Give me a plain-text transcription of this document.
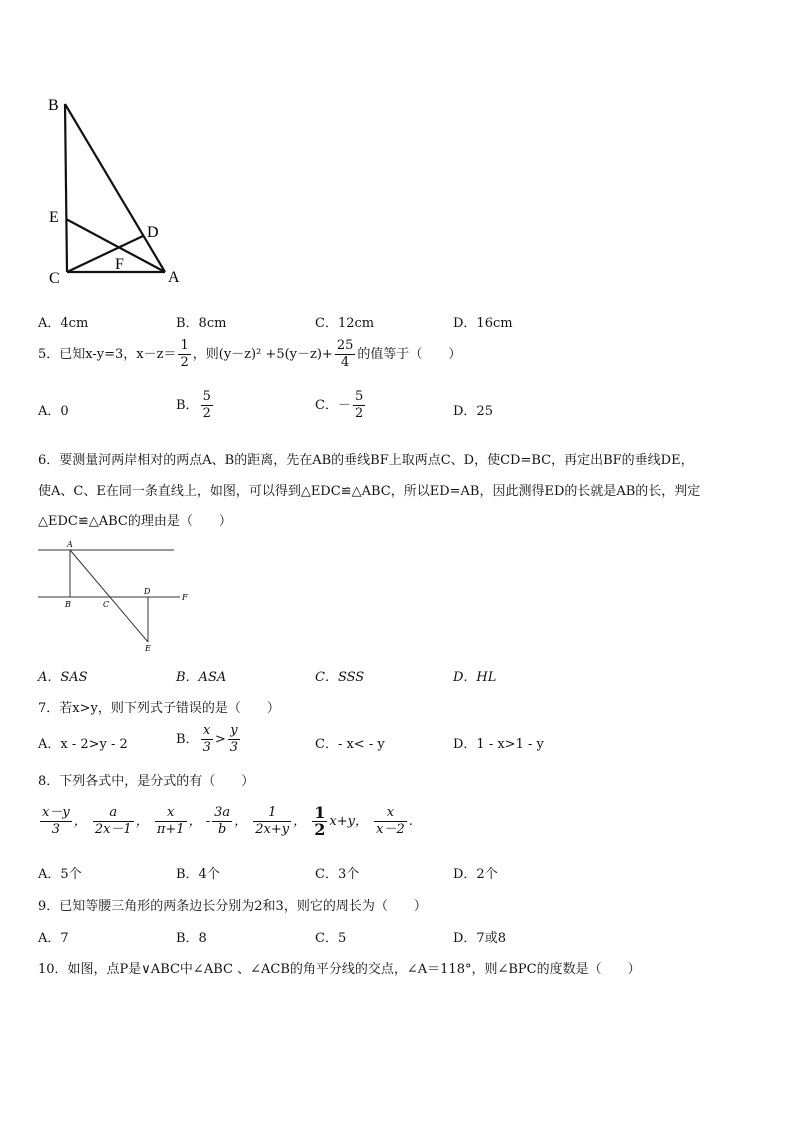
B
E
D
F
C	A
A．4cm	B．8cm	C．12cm	D．16cm
5．已知x-y=3，$x-z= \frac{1}{2}$ ，则$(y-z)^2 +5(y-z)+ \frac{25}{4}$ 的值等于（　　）
A．0	B． $\frac{5}{2}$	C．－ $\frac{5}{2}$	D．25
6．要测量河两岸相对的两点A、B的距离，先在AB的垂线BF上取两点C、D，使CD=BC，再定出BF的垂线DE，
使A、C、E在同一条直线上，如图，可以得到△EDC≌△ABC，所以ED=AB，因此测得ED的长就是AB的长，判定
△EDC≌△ABC的理由是（　　）
A
B	C
D
F
E
A．SAS	B．ASA	C．SSS	D．HL
7．若x>y，则下列式子错误的是（　　）
A．x - 2>y - 2	B． $\frac{x}{3} > \frac{y}{3}$	C．- x< - y	D．1 - x>1 - y
8．下列各式中，是分式的有（　　）
$\frac{x-y}{3}$ ， $\frac{a}{2x-1}$ ， $\frac{x}{\pi+1}$ ， - $\frac{3a}{b}$ ， $\frac{1}{2x+y}$ ， $\frac{1}{2} x+y$， $\frac{x}{x-2}$ .
A．5个	B．4个	C．3个	D．2个
9．已知等腰三角形的两条边长分别为2和3，则它的周长为（　　）
A．7	B．8	C．5	D．7或8
10．如图，点P是∨ABC中∠ABC 、∠ACB的角平分线的交点，∠A＝118°，则∠BPC的度数是（　　）
